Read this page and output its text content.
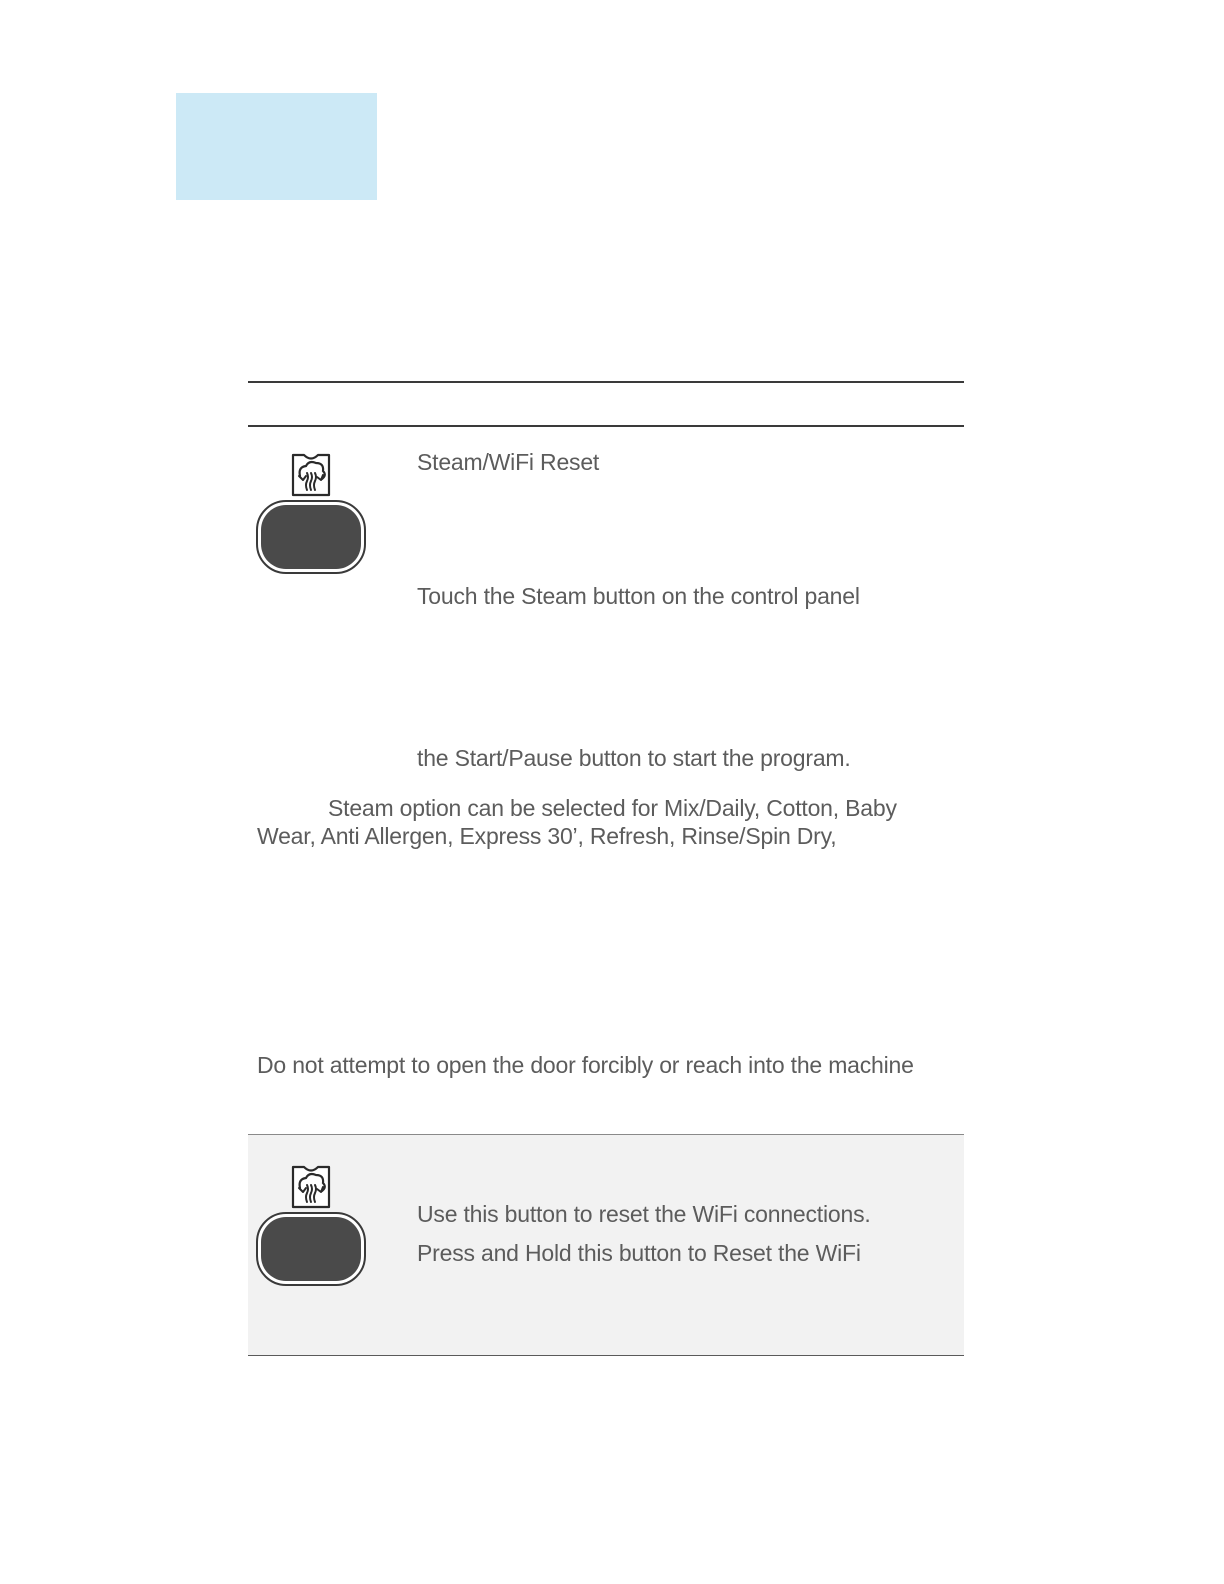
Steam/WiFi Reset
Touch the Steam button on the control panel
the Start/Pause button to start the program.
Steam option can be selected for Mix/Daily, Cotton, Baby
Wear, Anti Allergen, Express 30’, Refresh, Rinse/Spin Dry,
Do not attempt to open the door forcibly or reach into the machine
Use this button to reset the WiFi connections.
Press and Hold this button to Reset the WiFi
